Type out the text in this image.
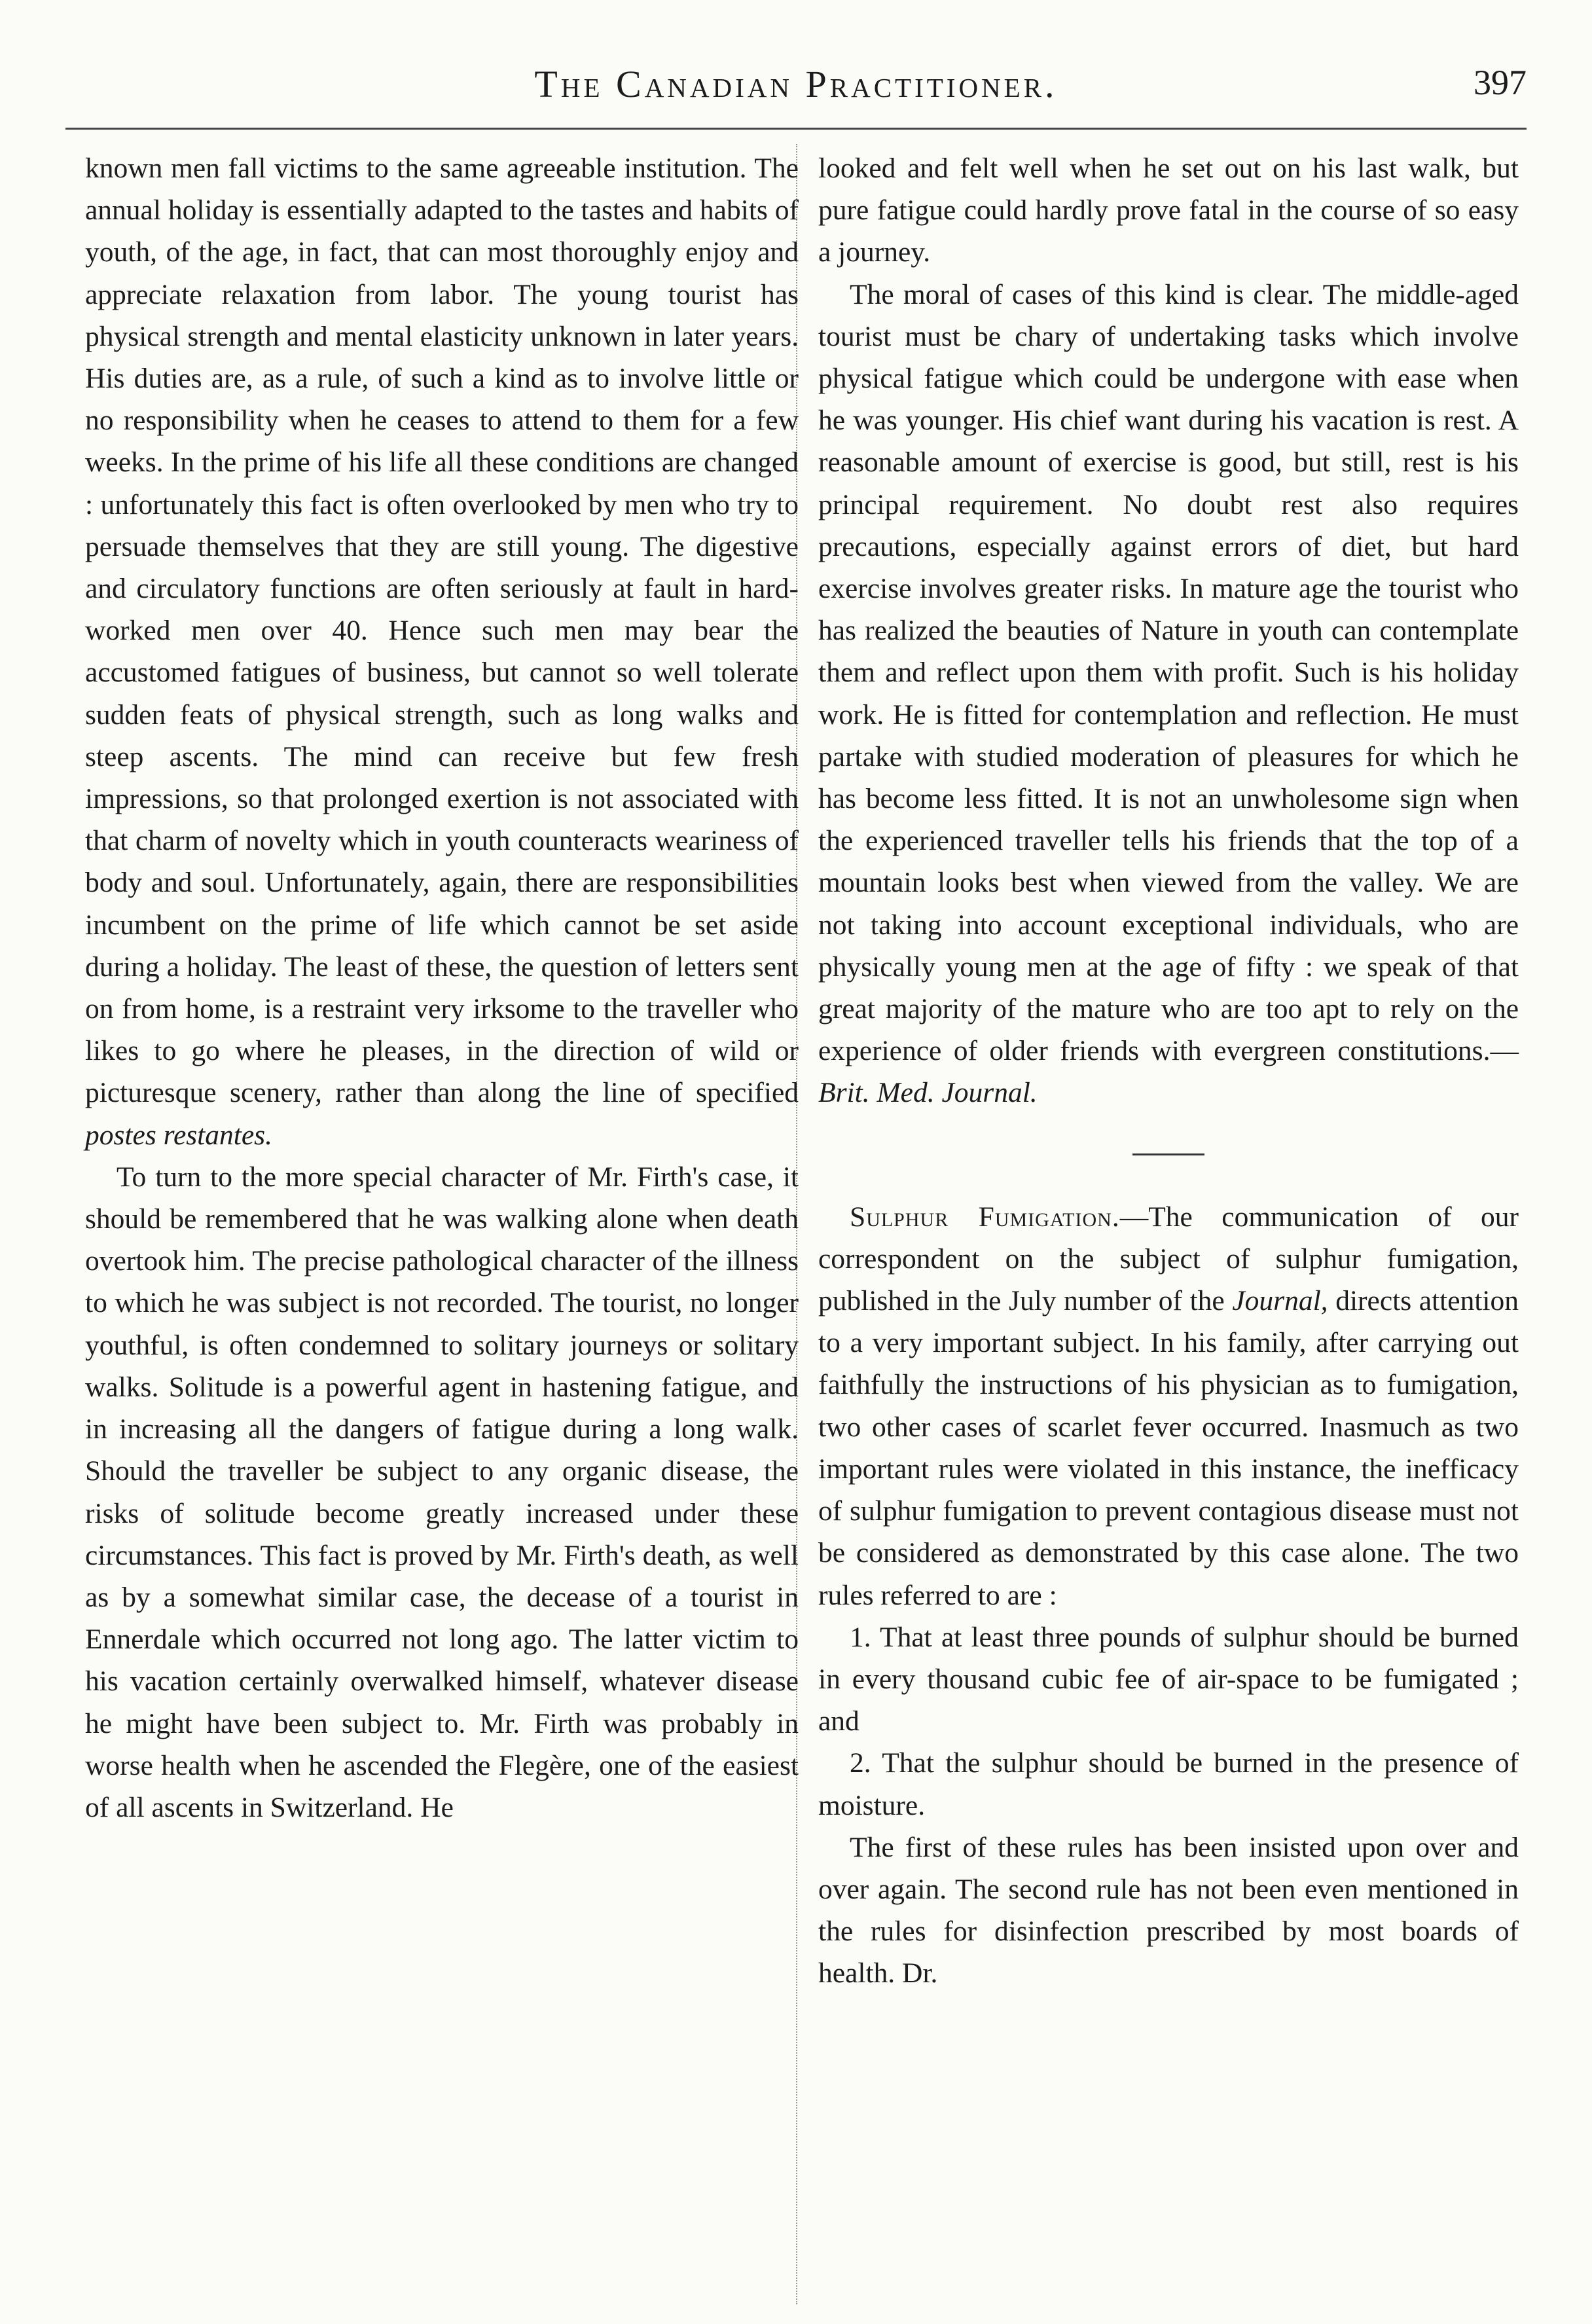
The Canadian Practitioner.	397

known men fall victims to the same agreeable institution. The annual holiday is essentially adapted to the tastes and habits of youth, of the age, in fact, that can most thoroughly enjoy and appreciate relaxation from labor. The young tourist has physical strength and mental elasticity unknown in later years. His duties are, as a rule, of such a kind as to involve little or no responsibility when he ceases to attend to them for a few weeks. In the prime of his life all these conditions are changed : unfortunately this fact is often overlooked by men who try to persuade themselves that they are still young. The digestive and circulatory functions are often seriously at fault in hard-worked men over 40. Hence such men may bear the accustomed fatigues of business, but cannot so well tolerate sudden feats of physical strength, such as long walks and steep ascents. The mind can receive but few fresh impressions, so that prolonged exertion is not associated with that charm of novelty which in youth counteracts weariness of body and soul. Unfortunately, again, there are responsibilities incumbent on the prime of life which cannot be set aside during a holiday. The least of these, the question of letters sent on from home, is a restraint very irksome to the traveller who likes to go where he pleases, in the direction of wild or picturesque scenery, rather than along the line of specified postes restantes.

To turn to the more special character of Mr. Firth's case, it should be remembered that he was walking alone when death overtook him. The precise pathological character of the illness to which he was subject is not recorded. The tourist, no longer youthful, is often condemned to solitary journeys or solitary walks. Solitude is a powerful agent in hastening fatigue, and in increasing all the dangers of fatigue during a long walk. Should the traveller be subject to any organic disease, the risks of solitude become greatly increased under these circumstances. This fact is proved by Mr. Firth's death, as well as by a somewhat similar case, the decease of a tourist in Ennerdale which occurred not long ago. The latter victim to his vacation certainly overwalked himself, whatever disease he might have been subject to. Mr. Firth was probably in worse health when he ascended the Flegère, one of the easiest of all ascents in Switzerland. He

looked and felt well when he set out on his last walk, but pure fatigue could hardly prove fatal in the course of so easy a journey.

The moral of cases of this kind is clear. The middle-aged tourist must be chary of undertaking tasks which involve physical fatigue which could be undergone with ease when he was younger. His chief want during his vacation is rest. A reasonable amount of exercise is good, but still, rest is his principal requirement. No doubt rest also requires precautions, especially against errors of diet, but hard exercise involves greater risks. In mature age the tourist who has realized the beauties of Nature in youth can contemplate them and reflect upon them with profit. Such is his holiday work. He is fitted for contemplation and reflection. He must partake with studied moderation of pleasures for which he has become less fitted. It is not an unwholesome sign when the experienced traveller tells his friends that the top of a mountain looks best when viewed from the valley. We are not taking into account exceptional individuals, who are physically young men at the age of fifty : we speak of that great majority of the mature who are too apt to rely on the experience of older friends with evergreen constitutions.—Brit. Med. Journal.

Sulphur Fumigation.—The communication of our correspondent on the subject of sulphur fumigation, published in the July number of the Journal, directs attention to a very important subject. In his family, after carrying out faithfully the instructions of his physician as to fumigation, two other cases of scarlet fever occurred. Inasmuch as two important rules were violated in this instance, the inefficacy of sulphur fumigation to prevent contagious disease must not be considered as demonstrated by this case alone. The two rules referred to are :

1. That at least three pounds of sulphur should be burned in every thousand cubic fee of air-space to be fumigated ; and

2. That the sulphur should be burned in the presence of moisture.

The first of these rules has been insisted upon over and over again. The second rule has not been even mentioned in the rules for disinfection prescribed by most boards of health. Dr.
